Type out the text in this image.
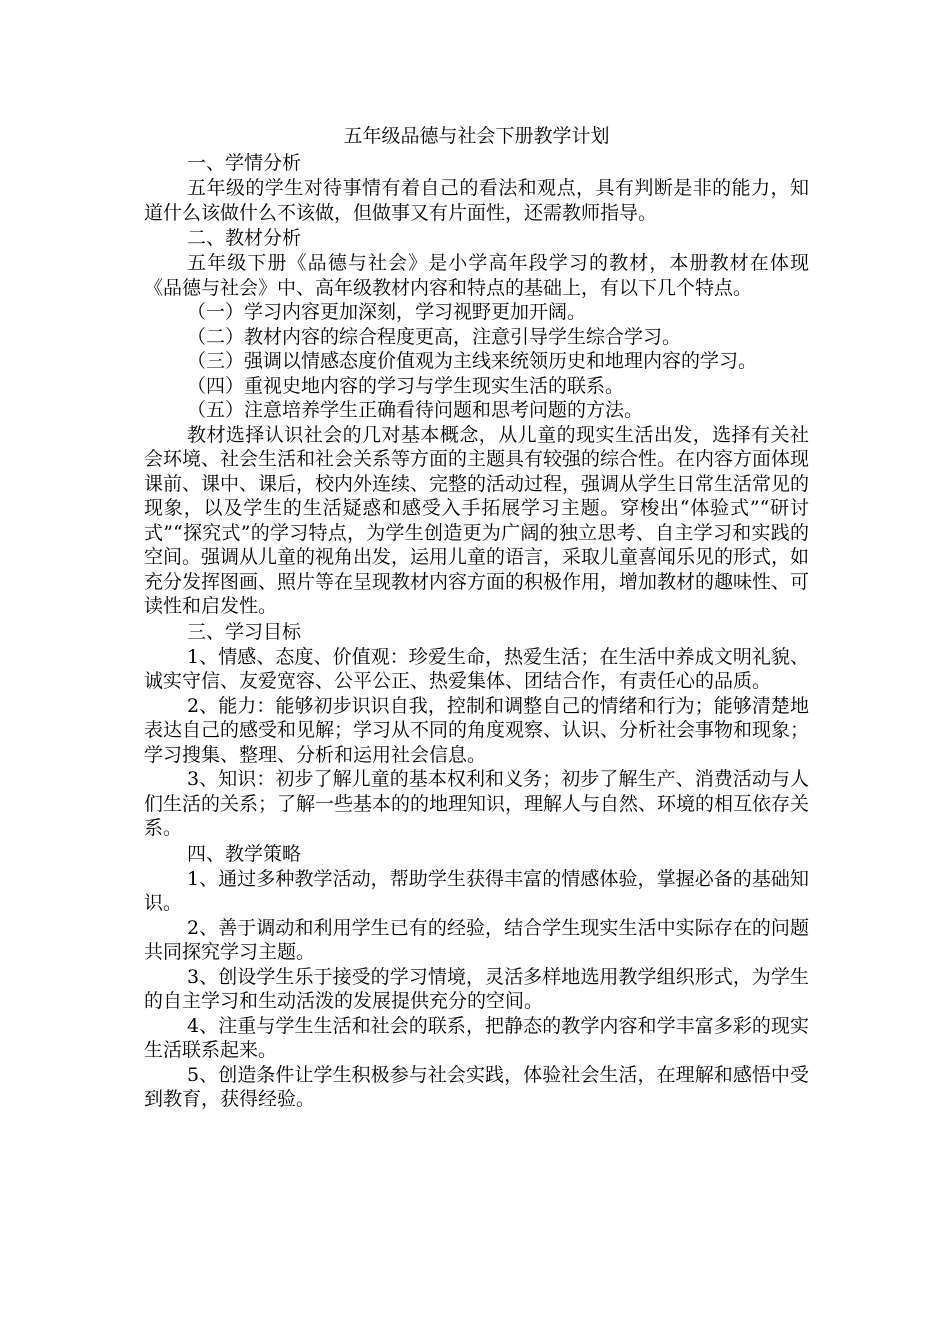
五年级品德与社会下册教学计划

一、学情分析

五年级的学生对待事情有着自己的看法和观点，具有判断是非的能力，知道什么该做什么不该做，但做事又有片面性，还需教师指导。

二、教材分析

五年级下册《品德与社会》是小学高年段学习的教材，本册教材在体现《品德与社会》中、高年级教材内容和特点的基础上，有以下几个特点。

（一）学习内容更加深刻，学习视野更加开阔。

（二）教材内容的综合程度更高，注意引导学生综合学习。

（三）强调以情感态度价值观为主线来统领历史和地理内容的学习。

（四）重视史地内容的学习与学生现实生活的联系。

（五）注意培养学生正确看待问题和思考问题的方法。

教材选择认识社会的几对基本概念，从儿童的现实生活出发，选择有关社会环境、社会生活和社会关系等方面的主题具有较强的综合性。在内容方面体现课前、课中、课后，校内外连续、完整的活动过程，强调从学生日常生活常见的现象，以及学生的生活疑惑和感受入手拓展学习主题。穿梭出“体验式”“研讨式”“探究式”的学习特点，为学生创造更为广阔的独立思考、自主学习和实践的空间。强调从儿童的视角出发，运用儿童的语言，采取儿童喜闻乐见的形式，如充分发挥图画、照片等在呈现教材内容方面的积极作用，增加教材的趣味性、可读性和启发性。

三、学习目标

1、情感、态度、价值观：珍爱生命，热爱生活；在生活中养成文明礼貌、诚实守信、友爱宽容、公平公正、热爱集体、团结合作，有责任心的品质。

2、能力：能够初步识识自我，控制和调整自己的情绪和行为；能够清楚地表达自己的感受和见解；学习从不同的角度观察、认识、分析社会事物和现象；学习搜集、整理、分析和运用社会信息。

3、知识：初步了解儿童的基本权利和义务；初步了解生产、消费活动与人们生活的关系；了解一些基本的的地理知识，理解人与自然、环境的相互依存关系。

四、教学策略

1、通过多种教学活动，帮助学生获得丰富的情感体验，掌握必备的基础知识。

2、善于调动和利用学生已有的经验，结合学生现实生活中实际存在的问题共同探究学习主题。

3、创设学生乐于接受的学习情境，灵活多样地选用教学组织形式，为学生的自主学习和生动活泼的发展提供充分的空间。

4、注重与学生生活和社会的联系，把静态的教学内容和学丰富多彩的现实生活联系起来。

5、创造条件让学生积极参与社会实践，体验社会生活，在理解和感悟中受到教育，获得经验。
